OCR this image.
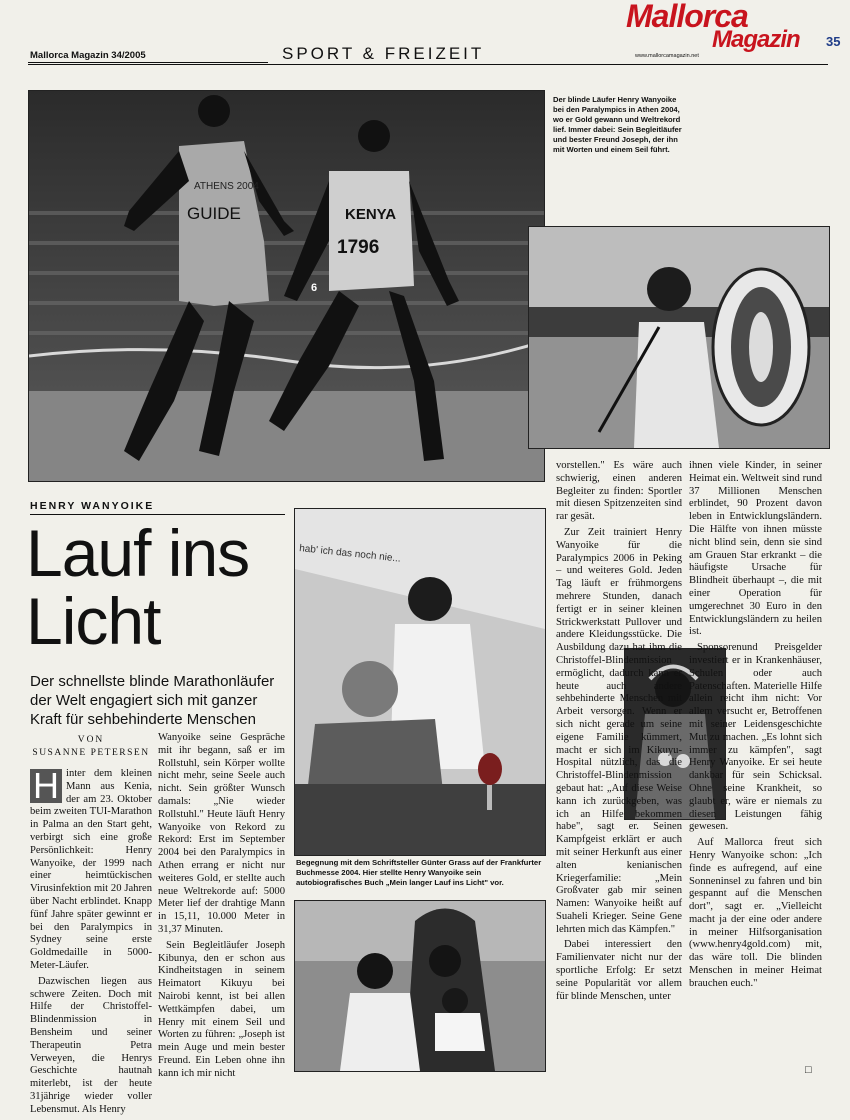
Mallorca Magazin 34/2005	SPORT & FREIZEIT	www.mallorcamagazin.net
Mallorca
Magazin 35
ATHENS 2004
GUIDE	KENYA
1796
6
Der blinde Läufer Henry Wanyoike bei den Paralympics in Athen 2004, wo er Gold gewann und Weltrekord lief. Immer dabei: Sein Begleitläufer und bester Freund Joseph, der ihn mit Worten und einem Seil führt.
HENRY WANYOIKE
Lauf ins
Licht
Der schnellste blinde Marathonläufer der Welt engagiert sich mit ganzer Kraft für sehbehinderte Menschen
VON
SUSANNE PETERSEN
H inter dem kleinen Mann aus Kenia, der am 23. Oktober beim zweiten TUI-Marathon in Palma an den Start geht, verbirgt sich eine große Persönlichkeit: Henry Wanyoike, der 1999 nach einer heimtückischen Virusinfektion mit 20 Jahren über Nacht erblindet. Knapp fünf Jahre später gewinnt er bei den Paralympics in Sydney seine erste Goldmedaille in 5000-Meter-Läufer.

Dazwischen liegen aus schwere Zeiten. Doch mit Hilfe der Christoffel-Blindenmission in Bensheim und seiner Therapeutin Petra Verweyen, die Henrys Geschichte hautnah miterlebt, ist der heute 31jährige wieder voller Lebensmut. Als Henry

Wanyoike seine Gespräche mit ihr begann, saß er im Rollstuhl, sein Körper wollte nicht mehr, seine Seele auch nicht. Sein größter Wunsch damals: „Nie wieder Rollstuhl." Heute läuft Henry Wanyoike von Rekord zu Rekord: Erst im September 2004 bei den Paralympics in Athen errang er nicht nur weiteres Gold, er stellte auch neue Weltrekorde auf: 5000 Meter lief der drahtige Mann in 15,11, 10.000 Meter in 31,37 Minuten.

Sein Begleitläufer Joseph Kibunya, den er schon aus Kindheitstagen in seinem Heimatort Kikuyu bei Nairobi kennt, ist bei allen Wettkämpfen dabei, um Henry mit einem Seil und Worten zu führen: „Joseph ist mein Auge und mein bester Freund. Ein Leben ohne ihn kann ich mir nicht

hab' ich das noch nie...
Begegnung mit dem Schriftsteller Günter Grass auf der Frankfurter Buchmesse 2004. Hier stellte Henry Wanyoike sein autobiografisches Buch „Mein langer Lauf ins Licht" vor.

vorstellen." Es wäre auch schwierig, einen anderen Begleiter zu finden: Sportler mit diesen Spitzenzeiten sind rar gesät.

Zur Zeit trainiert Henry Wanyoike für die Paralympics 2006 in Peking – und weiteres Gold. Jeden Tag läuft er frühmorgens mehrere Stunden, danach fertigt er in seiner kleinen Strickwerkstatt Pullover und andere Kleidungsstücke. Die Ausbildung dazu hat ihm die Christoffel-Blindenmission ermöglicht, dadurch kann er heute auch andere sehbehinderte Menschen mit Arbeit versorgen. Wenn er sich nicht gerade um seine eigene Familie kümmert, macht er sich im Kikuyu-Hospital nützlich, das die Christoffel-Blindenmission gebaut hat: „Auf diese Weise kann ich zurückgeben, was ich an Hilfe bekommen habe", sagt er. Seinen Kampfgeist erklärt er auch mit seiner Herkunft aus einer alten kenianischen Kriegerfamilie: „Mein Großvater gab mir seinen Namen: Wanyoike heißt auf Suaheli Krieger. Seine Gene lehrten mich das Kämpfen."

Dabei interessiert den Familienvater nicht nur der sportliche Erfolg: Er setzt seine Popularität vor allem für blinde Menschen, unter

ihnen viele Kinder, in seiner Heimat ein. Weltweit sind rund 37 Millionen Menschen erblindet, 90 Prozent davon leben in Entwicklungsländern. Die Hälfte von ihnen müsste nicht blind sein, denn sie sind am Grauen Star erkrankt – die häufigste Ursache für Blindheit überhaupt –, die mit einer Operation für umgerechnet 30 Euro in den Entwicklungsländern zu heilen ist.

Sponsorenund Preisgelder investiert er in Krankenhäuser, Schulen oder auch Patenschaften. Materielle Hilfe allein reicht ihm nicht: Vor allem versucht er, Betroffenen mit seiner Leidensgeschichte Mut zu machen. „Es lohnt sich immer zu kämpfen", sagt Henry Wanyoike. Er sei heute dankbar für sein Schicksal. Ohne seine Krankheit, so glaubt er, wäre er niemals zu diesen Leistungen fähig gewesen.

Auf Mallorca freut sich Henry Wanyoike schon: „Ich finde es aufregend, auf eine Sonneninsel zu fahren und bin gespannt auf die Menschen dort", sagt er. „Vielleicht macht ja der eine oder andere in meiner Hilfsorganisation (www.henry4gold.com) mit, das wäre toll. Die blinden Menschen in meiner Heimat brauchen euch."

□
